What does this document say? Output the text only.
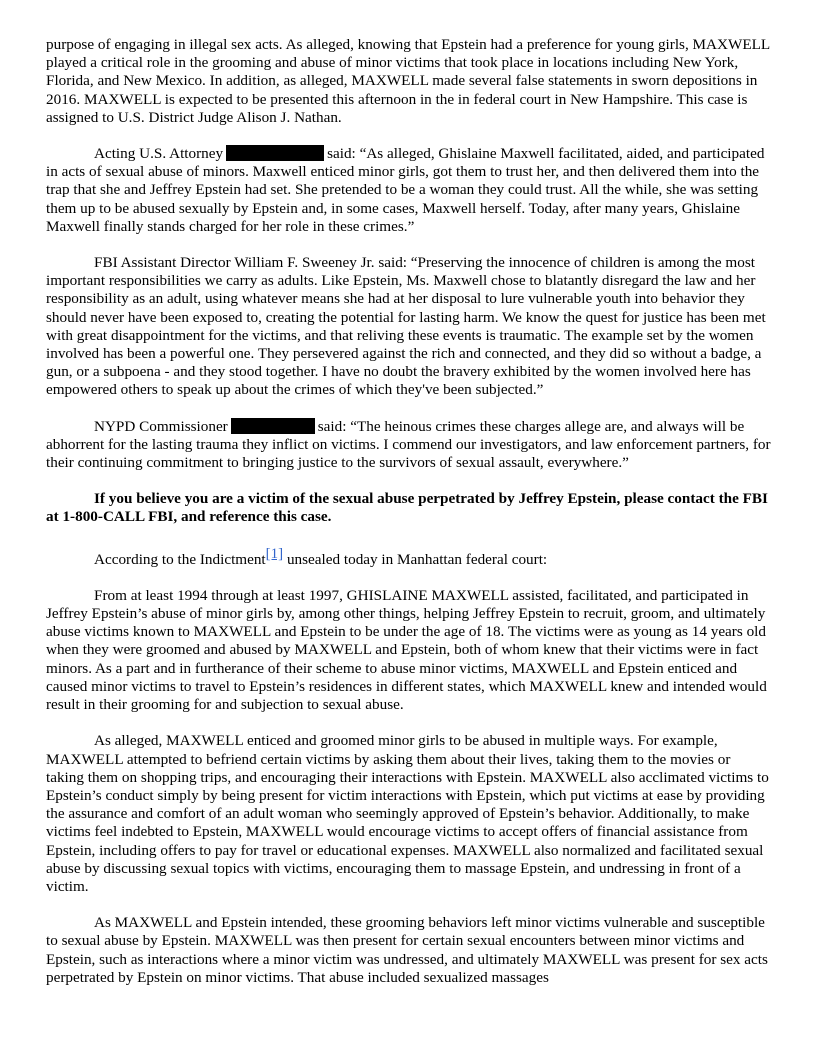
purpose of engaging in illegal sex acts. As alleged, knowing that Epstein had a preference for young girls, MAXWELL played a critical role in the grooming and abuse of minor victims that took place in locations including New York, Florida, and New Mexico. In addition, as alleged, MAXWELL made several false statements in sworn depositions in 2016. MAXWELL is expected to be presented this afternoon in the in federal court in New Hampshire. This case is assigned to U.S. District Judge Alison J. Nathan.

Acting U.S. Attorney	said: “As alleged, Ghislaine Maxwell facilitated, aided, and participated in acts of sexual abuse of minors. Maxwell enticed minor girls, got them to trust her, and then delivered them into the trap that she and Jeffrey Epstein had set. She pretended to be a woman they could trust. All the while, she was setting them up to be abused sexually by Epstein and, in some cases, Maxwell herself. Today, after many years, Ghislaine Maxwell finally stands charged for her role in these crimes.”

FBI Assistant Director William F. Sweeney Jr. said: “Preserving the innocence of children is among the most important responsibilities we carry as adults. Like Epstein, Ms. Maxwell chose to blatantly disregard the law and her responsibility as an adult, using whatever means she had at her disposal to lure vulnerable youth into behavior they should never have been exposed to, creating the potential for lasting harm. We know the quest for justice has been met with great disappointment for the victims, and that reliving these events is traumatic. The example set by the women involved has been a powerful one. They persevered against the rich and connected, and they did so without a badge, a gun, or a subpoena - and they stood together. I have no doubt the bravery exhibited by the women involved here has empowered others to speak up about the crimes of which they've been subjected.”

NYPD Commissioner	said: “The heinous crimes these charges allege are, and always will be abhorrent for the lasting trauma they inflict on victims. I commend our investigators, and law enforcement partners, for their continuing commitment to bringing justice to the survivors of sexual assault, everywhere.”

If you believe you are a victim of the sexual abuse perpetrated by Jeffrey Epstein, please contact the FBI at 1-800-CALL FBI, and reference this case.

According to the Indictment[1] unsealed today in Manhattan federal court:

From at least 1994 through at least 1997, GHISLAINE MAXWELL assisted, facilitated, and participated in Jeffrey Epstein’s abuse of minor girls by, among other things, helping Jeffrey Epstein to recruit, groom, and ultimately abuse victims known to MAXWELL and Epstein to be under the age of 18. The victims were as young as 14 years old when they were groomed and abused by MAXWELL and Epstein, both of whom knew that their victims were in fact minors. As a part and in furtherance of their scheme to abuse minor victims, MAXWELL and Epstein enticed and caused minor victims to travel to Epstein’s residences in different states, which MAXWELL knew and intended would result in their grooming for and subjection to sexual abuse.

As alleged, MAXWELL enticed and groomed minor girls to be abused in multiple ways. For example, MAXWELL attempted to befriend certain victims by asking them about their lives, taking them to the movies or taking them on shopping trips, and encouraging their interactions with Epstein. MAXWELL also acclimated victims to Epstein’s conduct simply by being present for victim interactions with Epstein, which put victims at ease by providing the assurance and comfort of an adult woman who seemingly approved of Epstein’s behavior. Additionally, to make victims feel indebted to Epstein, MAXWELL would encourage victims to accept offers of financial assistance from Epstein, including offers to pay for travel or educational expenses. MAXWELL also normalized and facilitated sexual abuse by discussing sexual topics with victims, encouraging them to massage Epstein, and undressing in front of a victim.

As MAXWELL and Epstein intended, these grooming behaviors left minor victims vulnerable and susceptible to sexual abuse by Epstein. MAXWELL was then present for certain sexual encounters between minor victims and Epstein, such as interactions where a minor victim was undressed, and ultimately MAXWELL was present for sex acts perpetrated by Epstein on minor victims. That abuse included sexualized massages
